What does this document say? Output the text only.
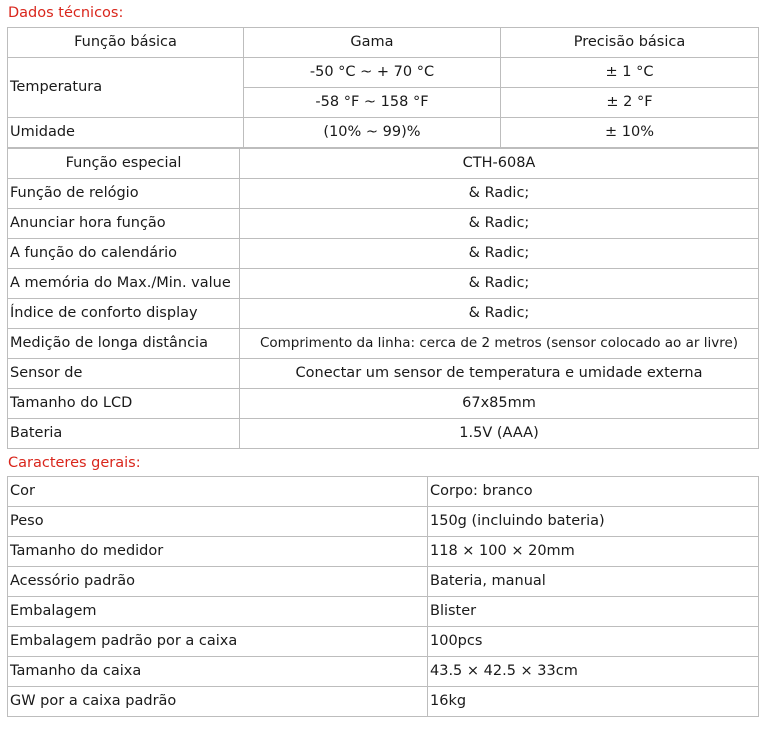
Dados técnicos:
Função básica	Gama	Precisão básica
Temperatura	-50 °C ~ + 70 °C	± 1 °C
	-58 °F ~ 158 °F	± 2 °F
Umidade	(10% ~ 99)%	± 10%
Função especial	CTH-608A
Função de relógio	& Radic;
Anunciar hora função	& Radic;
A função do calendário	& Radic;
A memória do Max./Min. value	& Radic;
Índice de conforto display	& Radic;
Medição de longa distância	Comprimento da linha: cerca de 2 metros (sensor colocado ao ar livre)
Sensor de	Conectar um sensor de temperatura e umidade externa
Tamanho do LCD	67x85mm
Bateria	1.5V (AAA)
Caracteres gerais:
Cor	Corpo: branco
Peso	150g (incluindo bateria)
Tamanho do medidor	118 × 100 × 20mm
Acessório padrão	Bateria, manual
Embalagem	Blister
Embalagem padrão por a caixa	100pcs
Tamanho da caixa	43.5 × 42.5 × 33cm
GW por a caixa padrão	16kg
